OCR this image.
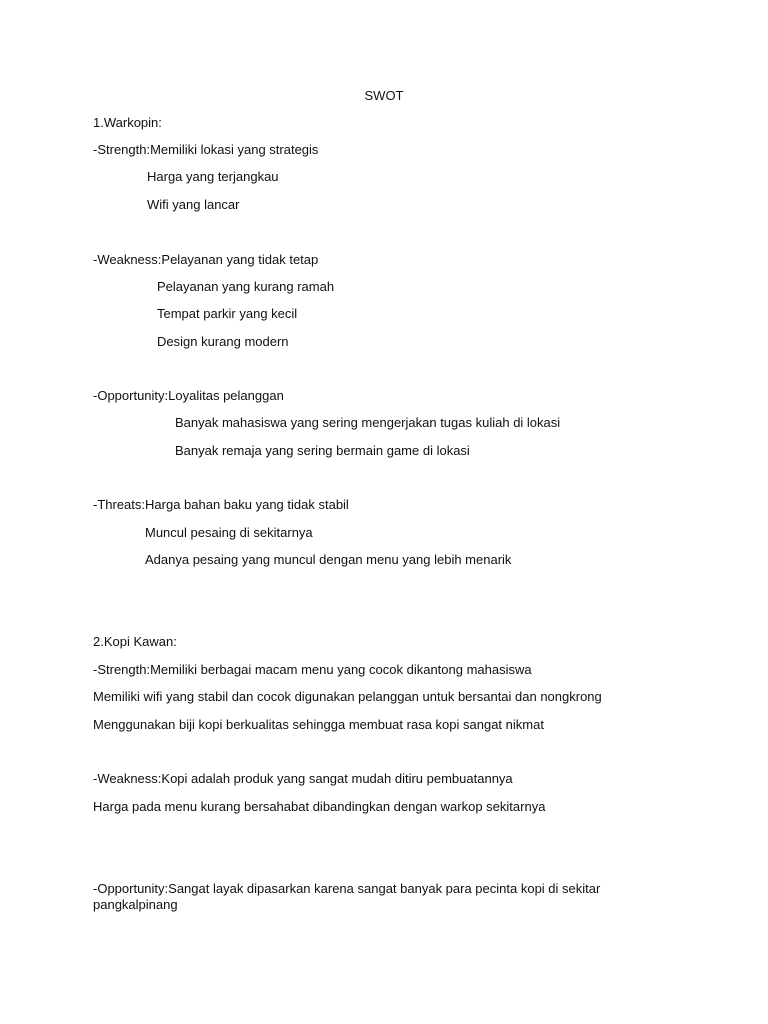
SWOT
1.Warkopin:
-Strength:Memiliki lokasi yang strategis
Harga yang terjangkau
Wifi yang lancar
-Weakness:Pelayanan yang tidak tetap
Pelayanan yang kurang ramah
Tempat parkir yang kecil
Design kurang modern
-Opportunity:Loyalitas pelanggan
Banyak mahasiswa yang sering mengerjakan tugas kuliah di lokasi
Banyak remaja yang sering bermain game di lokasi
-Threats:Harga bahan baku yang tidak stabil
Muncul pesaing di sekitarnya
Adanya pesaing yang muncul dengan menu yang lebih menarik
2.Kopi Kawan:
-Strength:Memiliki berbagai macam menu yang cocok dikantong mahasiswa
Memiliki wifi yang stabil dan cocok digunakan pelanggan untuk bersantai dan nongkrong
Menggunakan biji kopi berkualitas sehingga membuat rasa kopi sangat nikmat
-Weakness:Kopi adalah produk yang sangat mudah ditiru pembuatannya
Harga pada menu kurang bersahabat dibandingkan dengan warkop sekitarnya
-Opportunity:Sangat layak dipasarkan karena sangat banyak para pecinta kopi di sekitar pangkalpinang
